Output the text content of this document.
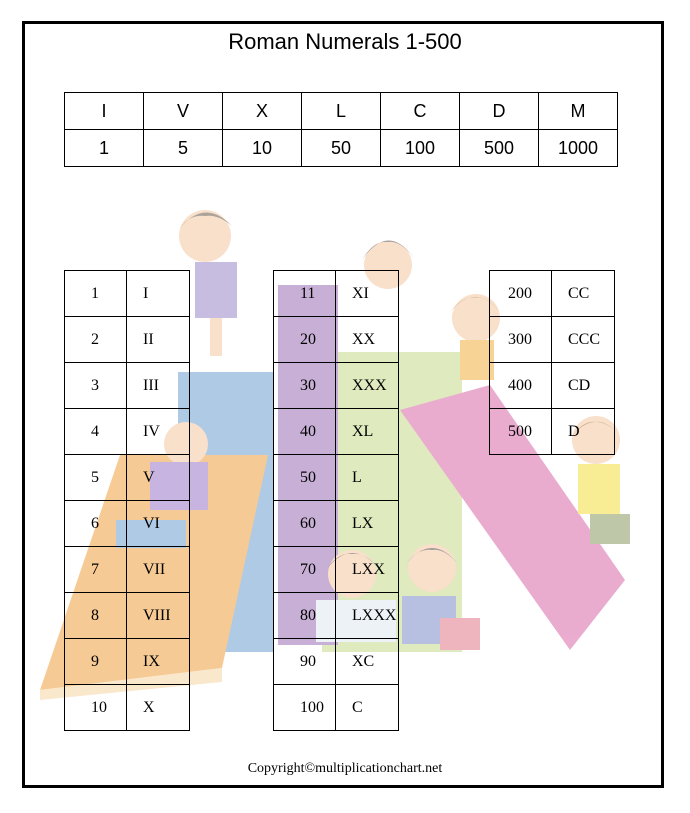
Roman Numerals 1-500
I	V	X	L	C	D	M
1	5	10	50	100	500	1000
1	I
2	II
3	III
4	IV
5	V
6	VI
7	VII
8	VIII
9	IX
10	X
11	XI
20	XX
30	XXX
40	XL
50	L
60	LX
70	LXX
80	LXXX
90	XC
100	C
200	CC
300	CCC
400	CD
500	D
Copyright©multiplicationchart.net
